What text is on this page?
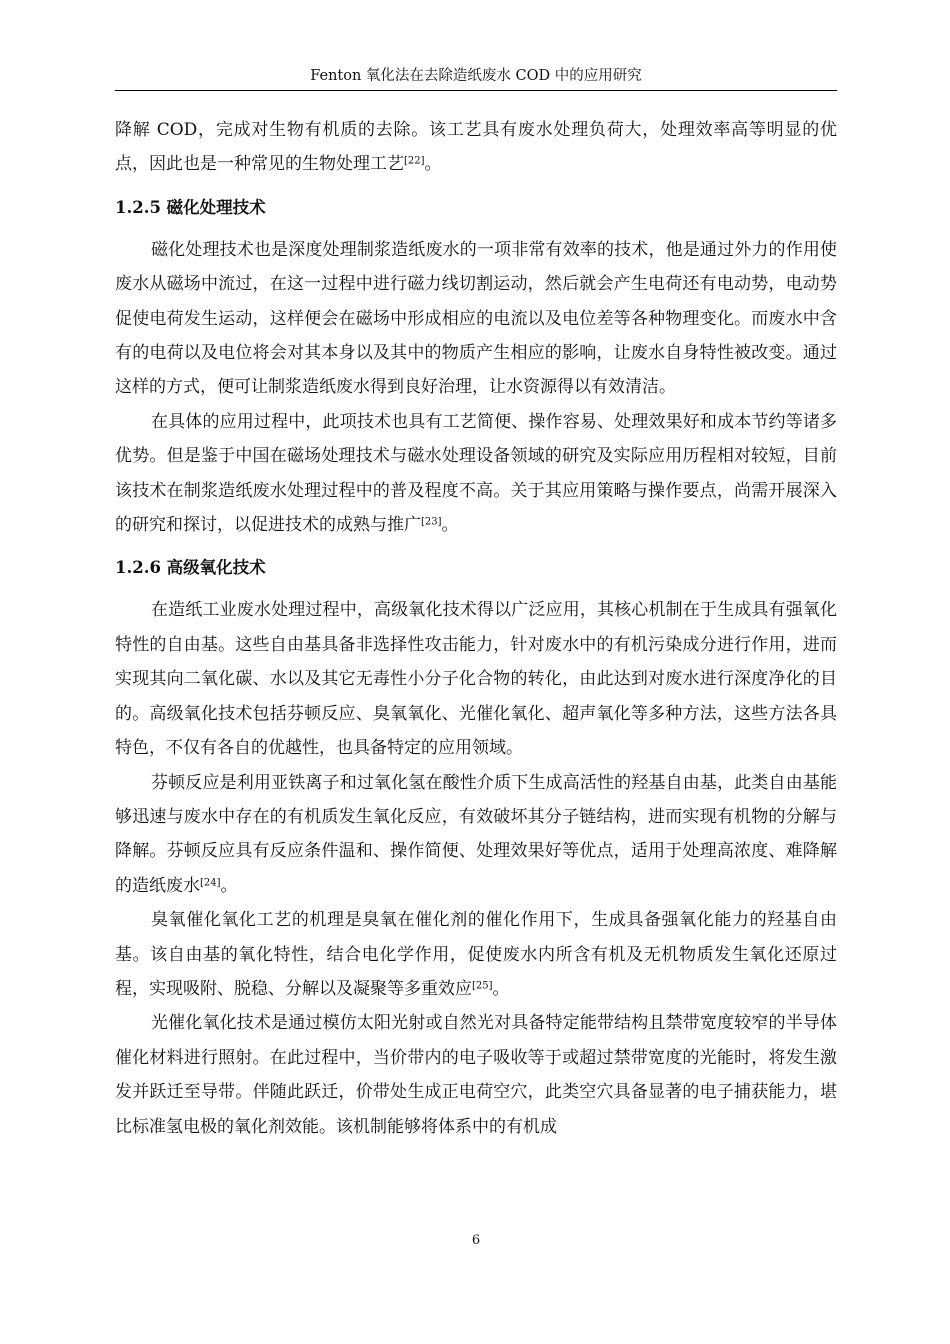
Fenton 氧化法在去除造纸废水 COD 中的应用研究

降解 COD，完成对生物有机质的去除。该工艺具有废水处理负荷大，处理效率高等明显的优点，因此也是一种常见的生物处理工艺[22]。

1.2.5 磁化处理技术

磁化处理技术也是深度处理制浆造纸废水的一项非常有效率的技术，他是通过外力的作用使废水从磁场中流过，在这一过程中进行磁力线切割运动，然后就会产生电荷还有电动势，电动势促使电荷发生运动，这样便会在磁场中形成相应的电流以及电位差等各种物理变化。而废水中含有的电荷以及电位将会对其本身以及其中的物质产生相应的影响，让废水自身特性被改变。通过这样的方式，便可让制浆造纸废水得到良好治理，让水资源得以有效清洁。

在具体的应用过程中，此项技术也具有工艺简便、操作容易、处理效果好和成本节约等诸多优势。但是鉴于中国在磁场处理技术与磁水处理设备领域的研究及实际应用历程相对较短，目前该技术在制浆造纸废水处理过程中的普及程度不高。关于其应用策略与操作要点，尚需开展深入的研究和探讨，以促进技术的成熟与推广[23]。

1.2.6 高级氧化技术

在造纸工业废水处理过程中，高级氧化技术得以广泛应用，其核心机制在于生成具有强氧化特性的自由基。这些自由基具备非选择性攻击能力，针对废水中的有机污染成分进行作用，进而实现其向二氧化碳、水以及其它无毒性小分子化合物的转化，由此达到对废水进行深度净化的目的。高级氧化技术包括芬顿反应、臭氧氧化、光催化氧化、超声氧化等多种方法，这些方法各具特色，不仅有各自的优越性，也具备特定的应用领域。

芬顿反应是利用亚铁离子和过氧化氢在酸性介质下生成高活性的羟基自由基，此类自由基能够迅速与废水中存在的有机质发生氧化反应，有效破坏其分子链结构，进而实现有机物的分解与降解。芬顿反应具有反应条件温和、操作简便、处理效果好等优点，适用于处理高浓度、难降解的造纸废水[24]。

臭氧催化氧化工艺的机理是臭氧在催化剂的催化作用下，生成具备强氧化能力的羟基自由基。该自由基的氧化特性，结合电化学作用，促使废水内所含有机及无机物质发生氧化还原过程，实现吸附、脱稳、分解以及凝聚等多重效应[25]。

光催化氧化技术是通过模仿太阳光射或自然光对具备特定能带结构且禁带宽度较窄的半导体催化材料进行照射。在此过程中，当价带内的电子吸收等于或超过禁带宽度的光能时，将发生激发并跃迁至导带。伴随此跃迁，价带处生成正电荷空穴，此类空穴具备显著的电子捕获能力，堪比标准氢电极的氧化剂效能。该机制能够将体系中的有机成

6
